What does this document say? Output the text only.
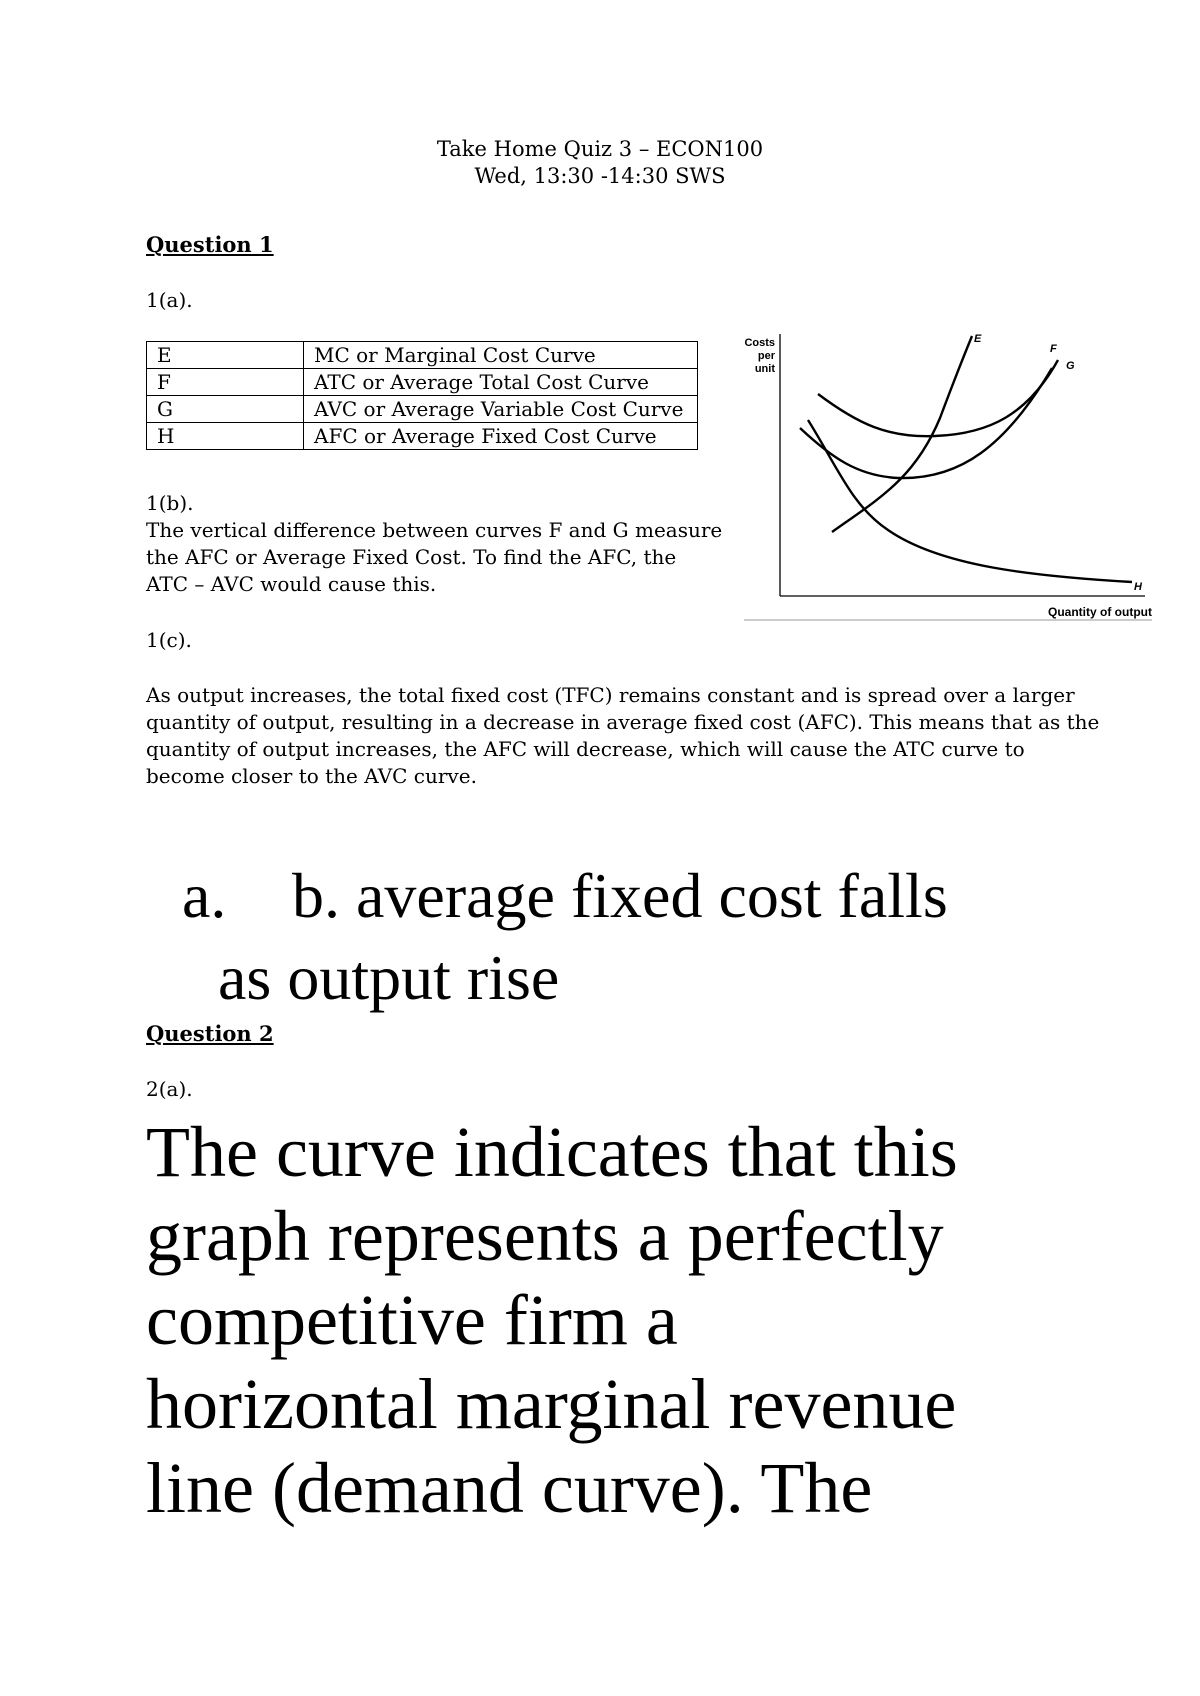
Take Home Quiz 3 – ECON100
Wed, 13:30 -14:30 SWS
Question 1
1(a).
E	MC or Marginal Cost Curve
F	ATC or Average Total Cost Curve
G	AVC or Average Variable Cost Curve
H	AFC or Average Fixed Cost Curve
1(b).
The vertical difference between curves F and G measure
the AFC or Average Fixed Cost. To find the AFC, the
ATC – AVC would cause this.
Costs
per
unit
E
F
G
H
Quantity of output
1(c).
As output increases, the total fixed cost (TFC) remains constant and is spread over a larger
quantity of output, resulting in a decrease in average fixed cost (AFC). This means that as the
quantity of output increases, the AFC will decrease, which will cause the ATC curve to
become closer to the AVC curve.
a. b. average fixed cost falls
as output rise
Question 2
2(a).
The curve indicates that this
graph represents a perfectly
competitive firm a
horizontal marginal revenue
line (demand curve). The
